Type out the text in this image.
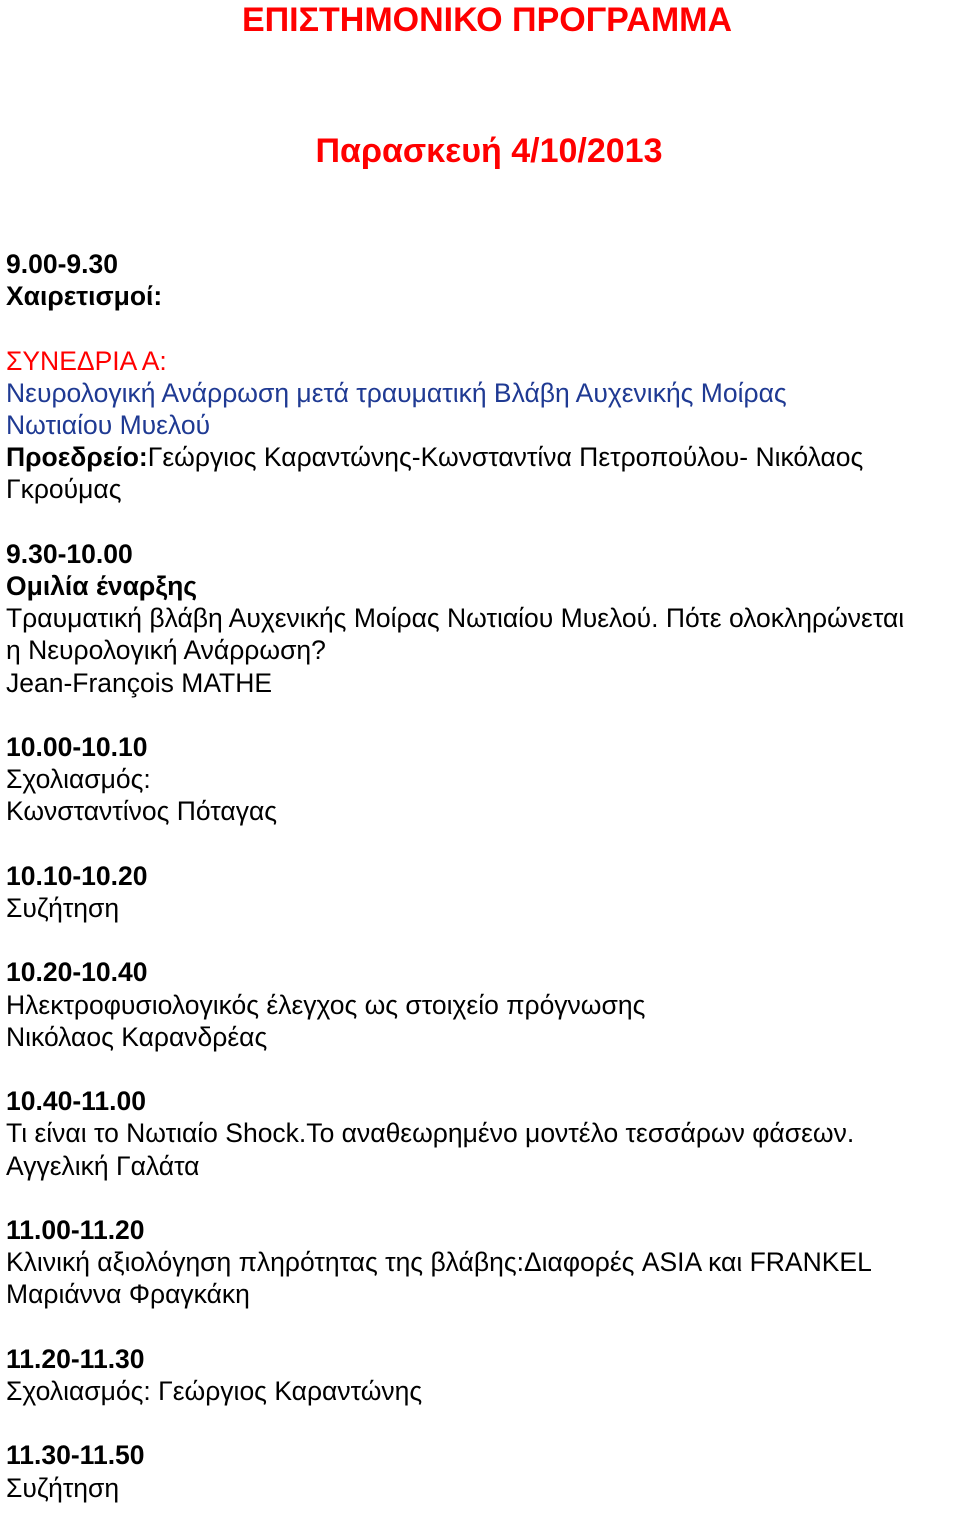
ΕΠΙΣΤΗΜΟΝΙΚΟ ΠΡΟΓΡΑΜΜΑ
Παρασκευή 4/10/2013
9.00-9.30
Χαιρετισμοί:
ΣΥΝΕΔΡΙΑ Α:
Νευρολογική Ανάρρωση μετά τραυματική Βλάβη Αυχενικής Μοίρας
Νωτιαίου Μυελού
Προεδρείο:Γεώργιος Καραντώνης-Κωνσταντίνα Πετροπούλου- Νικόλαος
Γκρούμας
9.30-10.00
Ομιλία έναρξης
Τραυματική βλάβη Αυχενικής Μοίρας Νωτιαίου Μυελού. Πότε ολοκληρώνεται
η Νευρολογική Ανάρρωση?
Jean-François MATHE
10.00-10.10
Σχολιασμός:
Κωνσταντίνος Πόταγας
10.10-10.20
Συζήτηση
10.20-10.40
Ηλεκτροφυσιολογικός έλεγχος ως στοιχείο πρόγνωσης
Νικόλαος Καρανδρέας
10.40-11.00
Τι είναι το Νωτιαίο Shock.Το αναθεωρημένο μοντέλο τεσσάρων φάσεων.
Αγγελική Γαλάτα
11.00-11.20
Κλινική αξιολόγηση πληρότητας της βλάβης:Διαφορές ASIA και FRANKEL
Μαριάννα Φραγκάκη
11.20-11.30
Σχολιασμός: Γεώργιος Καραντώνης
11.30-11.50
Συζήτηση
